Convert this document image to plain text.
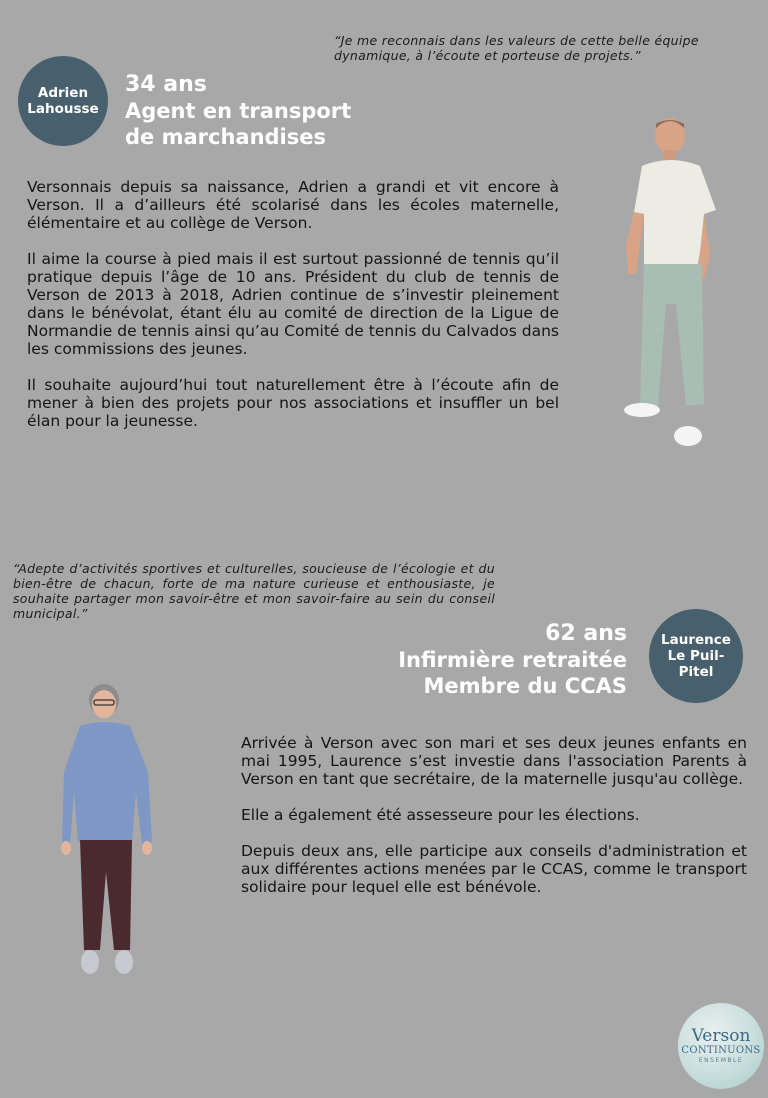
“Je me reconnais dans les valeurs de cette belle équipe dynamique, à l’écoute et porteuse de projets.”
Adrien
Lahousse
34 ans
Agent en transport
de marchandises

Versonnais depuis sa naissance, Adrien a grandi et vit encore à Verson. Il a d’ailleurs été scolarisé dans les écoles maternelle, élémentaire et au collège de Verson.

Il aime la course à pied mais il est surtout passionné de tennis qu’il pratique depuis l’âge de 10 ans. Président du club de tennis de Verson de 2013 à 2018, Adrien continue de s’investir pleinement dans le bénévolat, étant élu au comité de direction de la Ligue de Normandie de tennis ainsi qu’au Comité de tennis du Calvados dans les commissions des jeunes.

Il souhaite aujourd’hui tout naturellement être à l’écoute afin de mener à bien des projets pour nos associations et insuffler un bel élan pour la jeunesse.

“Adepte d’activités sportives et culturelles, soucieuse de l’écologie et du bien-être de chacun, forte de ma nature curieuse et enthousiaste, je souhaite partager mon savoir-être et mon savoir-faire au sein du conseil municipal.”
62 ans
Infirmière retraitée
Membre du CCAS
Laurence
Le Puil-
Pitel

Arrivée à Verson avec son mari et ses deux jeunes enfants en mai 1995, Laurence s’est investie dans l'association Parents à Verson en tant que secrétaire, de la maternelle jusqu'au collège.

Elle a également été assesseure pour les élections.

Depuis deux ans, elle participe aux conseils d'administration et aux différentes actions menées par le CCAS, comme le transport solidaire pour lequel elle est bénévole.

Verson
CONTINUONS
ENSEMBLE
